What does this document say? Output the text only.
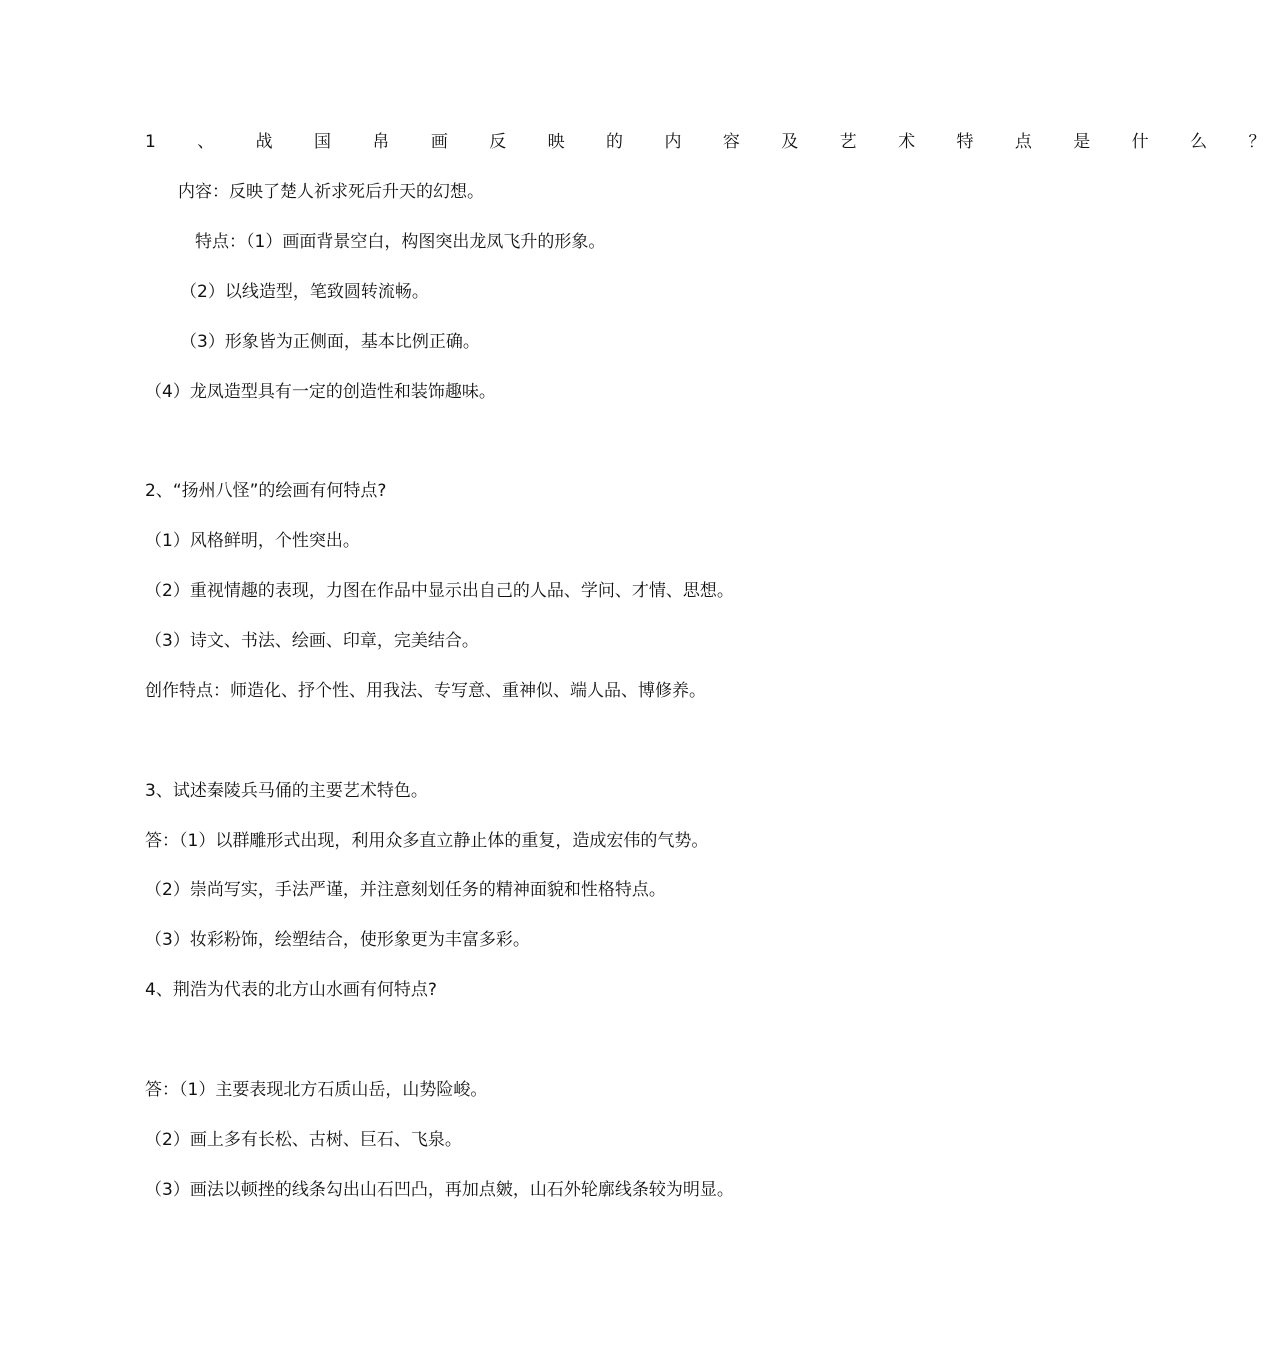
1 、 战 国 帛 画 反 映 的 内 容 及 艺 术 特 点 是 什 么 ？
内容：反映了楚人祈求死后升天的幻想。
特点：（1）画面背景空白，构图突出龙凤飞升的形象。
（2）以线造型，笔致圆转流畅。
（3）形象皆为正侧面，基本比例正确。
（4）龙凤造型具有一定的创造性和装饰趣味。
2、“扬州八怪”的绘画有何特点?
（1）风格鲜明，个性突出。
（2）重视情趣的表现，力图在作品中显示出自己的人品、学问、才情、思想。
（3）诗文、书法、绘画、印章，完美结合。
创作特点：师造化、抒个性、用我法、专写意、重神似、端人品、博修养。
3、试述秦陵兵马俑的主要艺术特色。
答：（1）以群雕形式出现，利用众多直立静止体的重复，造成宏伟的气势。
（2）崇尚写实，手法严谨，并注意刻划任务的精神面貌和性格特点。
（3）妆彩粉饰，绘塑结合，使形象更为丰富多彩。
4、荆浩为代表的北方山水画有何特点?
答：（1）主要表现北方石质山岳，山势险峻。
（2）画上多有长松、古树、巨石、飞泉。
（3）画法以顿挫的线条勾出山石凹凸，再加点皴，山石外轮廓线条较为明显。
